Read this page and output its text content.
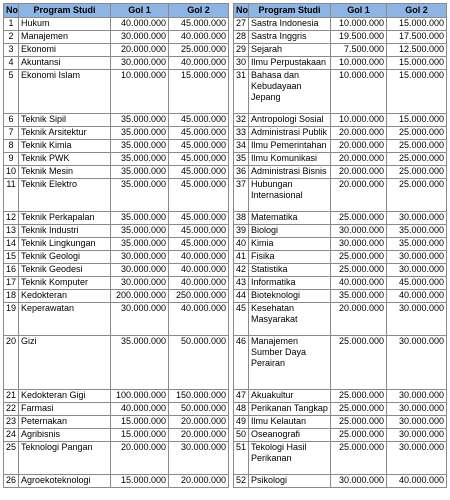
No	Program Studi	Gol 1	Gol 2
1	Hukum	40.000.000	45.000.000
2	Manajemen	30.000.000	40.000.000
3	Ekonomi	20.000.000	25.000.000
4	Akuntansi	30.000.000	40.000.000
5	Ekonomi Islam	10.000.000	15.000.000
6	Teknik Sipil	35.000.000	45.000.000
7	Teknik Arsitektur	35.000.000	45.000.000
8	Teknik Kimia	35.000.000	45.000.000
9	Teknik PWK	35.000.000	45.000.000
10	Teknik Mesin	35.000.000	45.000.000
11	Teknik Elektro	35.000.000	45.000.000
12	Teknik Perkapalan	35.000.000	45.000.000
13	Teknik Industri	35.000.000	45.000.000
14	Teknik Lingkungan	35.000.000	45.000.000
15	Teknik Geologi	30.000.000	40.000.000
16	Teknik Geodesi	30.000.000	40.000.000
17	Teknik Komputer	30.000.000	40.000.000
18	Kedokteran	200.000.000	250.000.000
19	Keperawatan	30.000.000	40.000.000
20	Gizi	35.000.000	50.000.000
21	Kedokteran Gigi	100.000.000	150.000.000
22	Farmasi	40.000.000	50.000.000
23	Peternakan	15.000.000	20.000.000
24	Agribisnis	15.000.000	20.000.000
25	Teknologi Pangan	20.000.000	30.000.000
26	Agroekoteknologi	15.000.000	20.000.000
No	Program Studi	Gol 1	Gol 2
27	Sastra Indonesia	10.000.000	15.000.000
28	Sastra Inggris	19.500.000	17.500.000
29	Sejarah	7.500.000	12.500.000
30	Ilmu Perpustakaan	10.000.000	15.000.000
31	Bahasa dan Kebudayaan Jepang	10.000.000	15.000.000
32	Antropologi Sosial	10.000.000	15.000.000
33	Administrasi Publik	20.000.000	25.000.000
34	Ilmu Pemerintahan	20.000.000	25.000.000
35	Ilmu Komunikasi	20.000.000	25.000.000
36	Administrasi Bisnis	20.000.000	25.000.000
37	Hubungan Internasional	20.000.000	25.000.000
38	Matematika	25.000.000	30.000.000
39	Biologi	30.000.000	35.000.000
40	Kimia	30.000.000	35.000.000
41	Fisika	25.000.000	30.000.000
42	Statistika	25.000.000	30.000.000
43	Informatika	40.000.000	45.000.000
44	Bioteknologi	35.000.000	40.000.000
45	Kesehatan Masyarakat	20.000.000	30.000.000
46	Manajemen Sumber Daya Perairan	25.000.000	30.000.000
47	Akuakultur	25.000.000	30.000.000
48	Perikanan Tangkap	25.000.000	30.000.000
49	Ilmu Kelautan	25.000.000	30.000.000
50	Oseanografi	25.000.000	30.000.000
51	Tekologi Hasil Perikanan	25.000.000	30.000.000
52	Psikologi	30.000.000	40.000.000
